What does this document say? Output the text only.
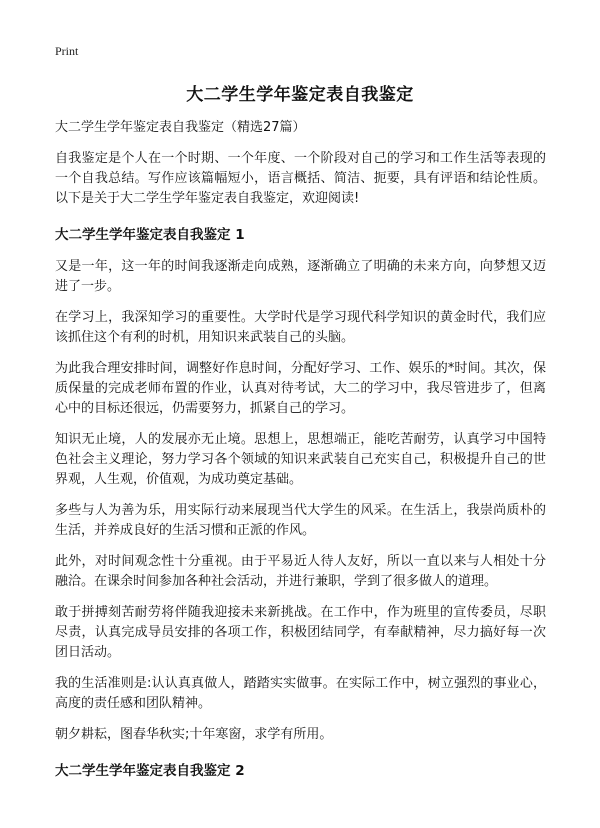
Print
大二学生学年鉴定表自我鉴定

大二学生学年鉴定表自我鉴定（精选27篇）

自我鉴定是个人在一个时期、一个年度、一个阶段对自己的学习和工作生活等表现的一个自我总结。写作应该篇幅短小，语言概括、简洁、扼要，具有评语和结论性质。以下是关于大二学生学年鉴定表自我鉴定，欢迎阅读!

大二学生学年鉴定表自我鉴定 1

又是一年，这一年的时间我逐渐走向成熟，逐渐确立了明确的未来方向，向梦想又迈进了一步。

在学习上，我深知学习的重要性。大学时代是学习现代科学知识的黄金时代，我们应该抓住这个有利的时机，用知识来武装自己的头脑。

为此我合理安排时间，调整好作息时间，分配好学习、工作、娱乐的*时间。其次，保质保量的完成老师布置的作业，认真对待考试，大二的学习中，我尽管进步了，但离心中的目标还很远，仍需要努力，抓紧自己的学习。

知识无止境，人的发展亦无止境。思想上，思想端正，能吃苦耐劳，认真学习中国特色社会主义理论，努力学习各个领域的知识来武装自己充实自己，积极提升自己的世界观，人生观，价值观，为成功奠定基础。

多些与人为善为乐，用实际行动来展现当代大学生的风采。在生活上，我崇尚质朴的生活，并养成良好的生活习惯和正派的作风。

此外，对时间观念性十分重视。由于平易近人待人友好，所以一直以来与人相处十分融洽。在课余时间参加各种社会活动，并进行兼职，学到了很多做人的道理。

敢于拼搏刻苦耐劳将伴随我迎接未来新挑战。在工作中，作为班里的宣传委员，尽职尽责，认真完成导员安排的各项工作，积极团结同学，有奉献精神，尽力搞好每一次团日活动。

我的生活准则是:认认真真做人，踏踏实实做事。在实际工作中，树立强烈的事业心，高度的责任感和团队精神。

朝夕耕耘，图春华秋实;十年寒窗，求学有所用。

大二学生学年鉴定表自我鉴定 2
